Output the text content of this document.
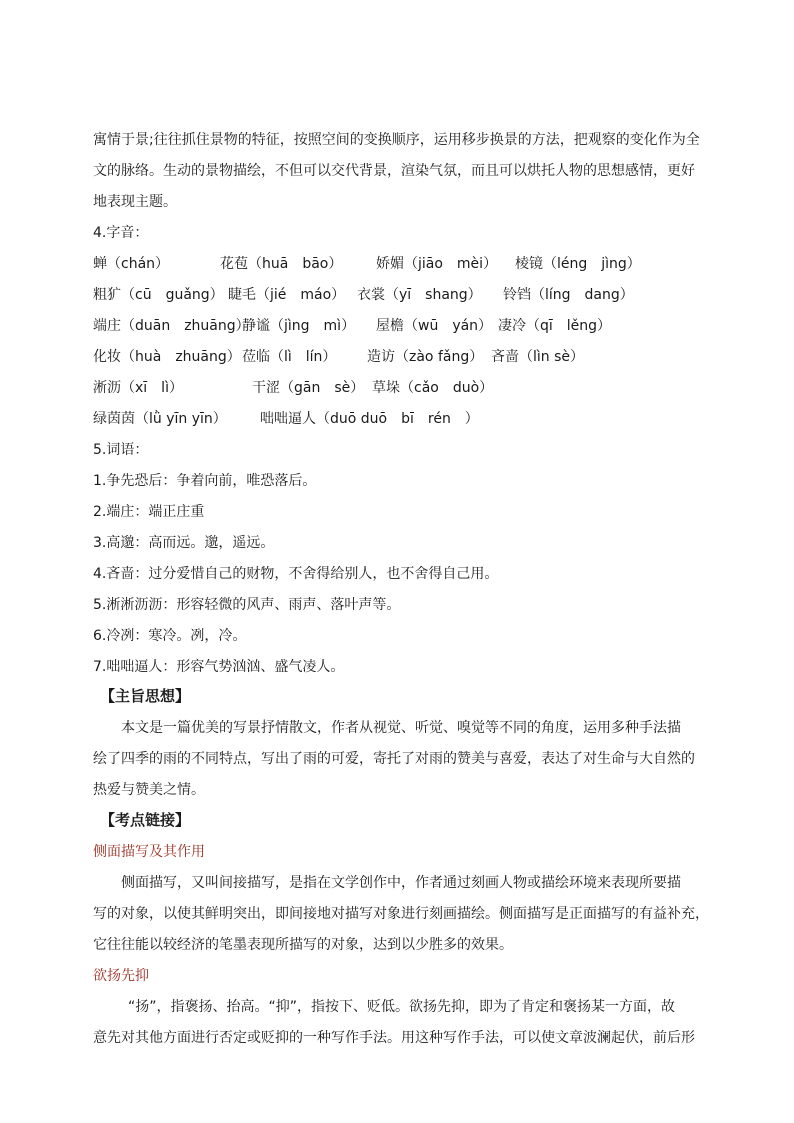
寓情于景;往往抓住景物的特征，按照空间的变换顺序，运用移步换景的方法，把观察的变化作为全
文的脉络。生动的景物描绘，不但可以交代背景，渲染气氛，而且可以烘托人物的思想感情，更好
地表现主题。
4.字音：
蝉（chán）	花苞（huā　bāo） 娇媚（jiāo　mèi） 棱镜（léng　jìng）
粗犷（cū　guǎng） 睫毛（jié　máo） 衣裳（yī　shang） 铃铛（líng　dang）
端庄（duān　zhuāng）
静谧（jìng　mì） 屋檐（wū　yán） 凄冷（qī　lěng）
化妆（huà　zhuāng） 莅临（lì　lín） 造访（zào fǎng） 吝啬（lìn sè）
淅沥（xī　lì）	干涩（gān　sè） 草垛（cǎo　duò）
绿茵茵（lǜ yīn yīn） 咄咄逼人（duō duō　bī　rén　）
5.词语：
1.争先恐后：争着向前，唯恐落后。
2.端庄：端正庄重
3.高邈：高而远。邈，遥远。
4.吝啬：过分爱惜自己的财物，不舍得给别人，也不舍得自己用。
5.淅淅沥沥：形容轻微的风声、雨声、落叶声等。
6.冷冽：寒冷。冽，冷。
7.咄咄逼人：形容气势汹汹、盛气凌人。
【主旨思想】
本文是一篇优美的写景抒情散文，作者从视觉、听觉、嗅觉等不同的角度，运用多种手法描
绘了四季的雨的不同特点，写出了雨的可爱，寄托了对雨的赞美与喜爱，表达了对生命与大自然的
热爱与赞美之情。
【考点链接】
侧面描写及其作用
侧面描写，又叫间接描写，是指在文学创作中，作者通过刻画人物或描绘环境来表现所要描
写的对象，以使其鲜明突出，即间接地对描写对象进行刻画描绘。侧面描写是正面描写的有益补充，
它往往能以较经济的笔墨表现所描写的对象，达到以少胜多的效果。
欲扬先抑
“扬”，指褒扬、抬高。“抑”，指按下、贬低。欲扬先抑，即为了肯定和褒扬某一方面，故
意先对其他方面进行否定或贬抑的一种写作手法。用这种写作手法，可以使文章波澜起伏，前后形
